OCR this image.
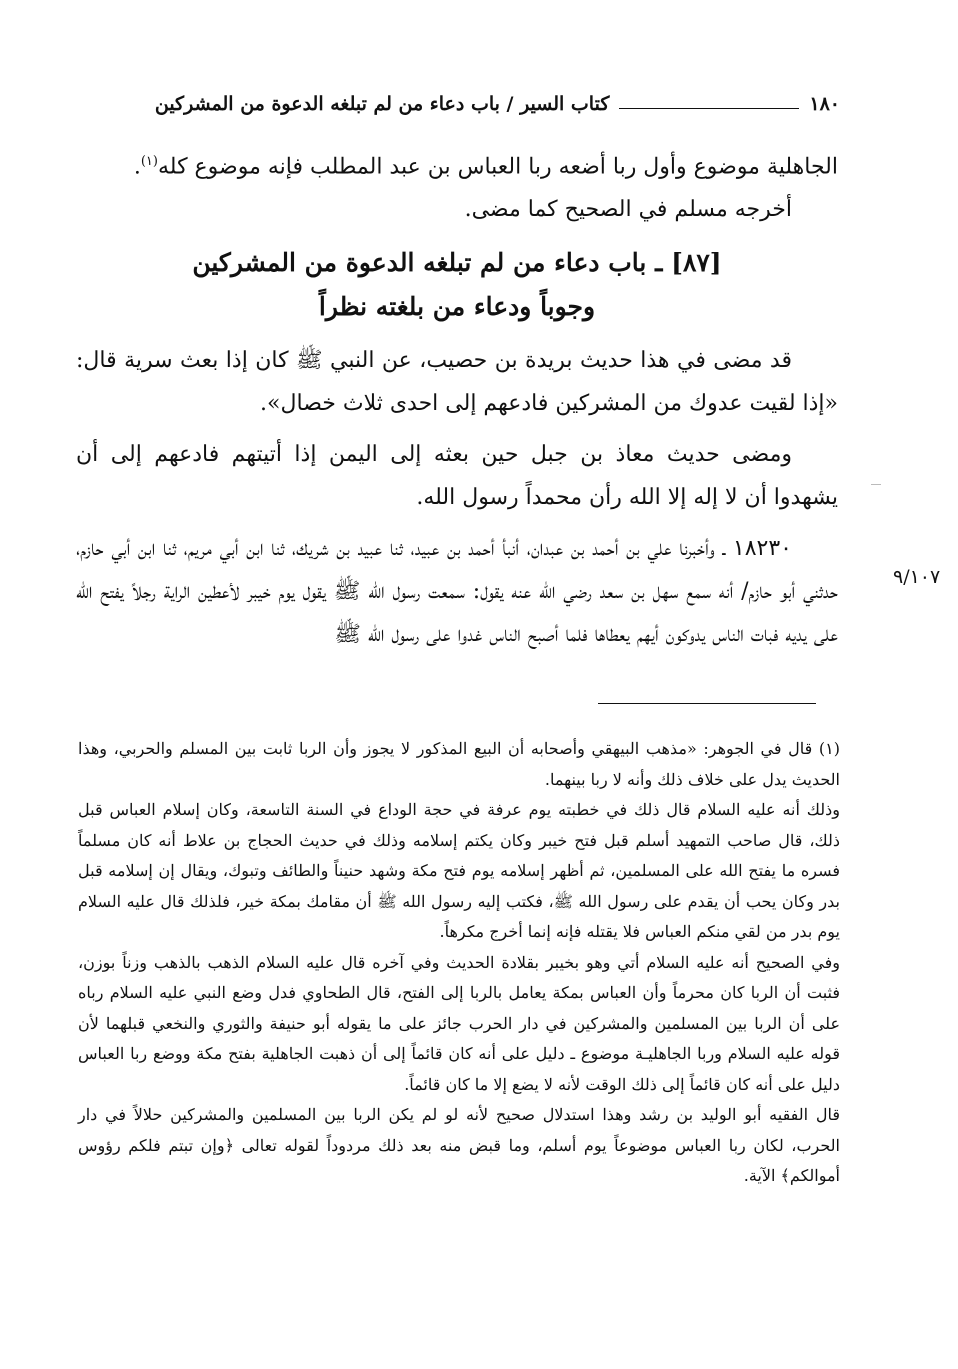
١٨٠
كتاب السير / باب دعاء من لم تبلغه الدعوة من المشركين

الجاهلية موضوع وأول ربا أضعه ربا العباس بن عبد المطلب فإنه موضوع كله$^{(١)}$.

أخرجه مسلم في الصحيح كما مضى.

[٨٧] ـ باب دعاء من لم تبلغه الدعوة من المشركين
وجوباً ودعاء من بلغته نظراً

قد مضى في هذا حديث بريدة بن حصيب، عن النبي ﷺ كان إذا بعث سرية قال: «إذا لقيت عدوك من المشركين فادعهم إلى احدى ثلاث خصال».

ومضى حديث معاذ بن جبل حين بعثه إلى اليمن إذا أتيتهم فادعهم إلى أن يشهدوا أن لا إله إلا الله رأن محمداً رسول الله.

١٨٢٣٠ ـ وأخبرنا علي بن أحمد بن عبدان، أنبأ أحمد بن عبيد، ثنا عبيد بن شريك، ثنا ابن أبي مريم، ثنا ابن أبي حازم، حدثني أبو حازم/ أنه سمع سهل بن سعد رضي الله عنه يقول: سمعت رسول الله ﷺ يقول يوم خيبر لأعطين الراية رجلاً يفتح الله على يديه فبات الناس يدوكون أيهم يعطاها فلما أصبح الناس غدوا على رسول الله ﷺ

٩/١٠٧

(١) قال في الجوهر: «مذهب البيهقي وأصحابه أن البيع المذكور لا يجوز وأن الربا ثابت بين المسلم والحربي، وهذا الحديث يدل على خلاف ذلك وأنه لا ربا بينهما.

وذلك أنه عليه السلام قال ذلك في خطبته يوم عرفة في حجة الوداع في السنة التاسعة، وكان إسلام العباس قبل ذلك، قال صاحب التمهيد أسلم قبل فتح خيبر وكان يكتم إسلامه وذلك في حديث الحجاج بن علاط أنه كان مسلماً فسره ما يفتح الله على المسلمين، ثم أظهر إسلامه يوم فتح مكة وشهد حنيناً والطائف وتبوك، ويقال إن إسلامه قبل بدر وكان يحب أن يقدم على رسول الله ﷺ، فكتب إليه رسول الله ﷺ أن مقامك بمكة خير، فلذلك قال عليه السلام يوم بدر من لقي منكم العباس فلا يقتله فإنه إنما أخرج مكرهاً.

وفي الصحيح أنه عليه السلام أتي وهو بخيبر بقلادة الحديث وفي آخره قال عليه السلام الذهب بالذهب وزناً بوزن، فثبت أن الربا كان محرماً وأن العباس بمكة يعامل بالربا إلى الفتح، قال الطحاوي فدل وضع النبي عليه السلام رباه على أن الربا بين المسلمين والمشركين في دار الحرب جائز على ما يقوله أبو حنيفة والثوري والنخعي قبلهما لأن قوله عليه السلام وربا الجاهليـة موضوع ـ دليل على أنه كان قائماً إلى أن ذهبت الجاهلية بفتح مكة ووضع ربا العباس دليل على أنه كان قائماً إلى ذلك الوقت لأنه لا يضع إلا ما كان قائماً.

قال الفقيه أبو الوليد بن رشد وهذا استدلال صحيح لأنه لو لم يكن الربا بين المسلمين والمشركين حلالاً في دار الحرب، لكان ربا العباس موضوعاً يوم أسلم، وما قبض منه بعد ذلك مردوداً لقوله تعالى ﴿وإن تبتم فلكم رؤوس أموالكم﴾ الآية.
